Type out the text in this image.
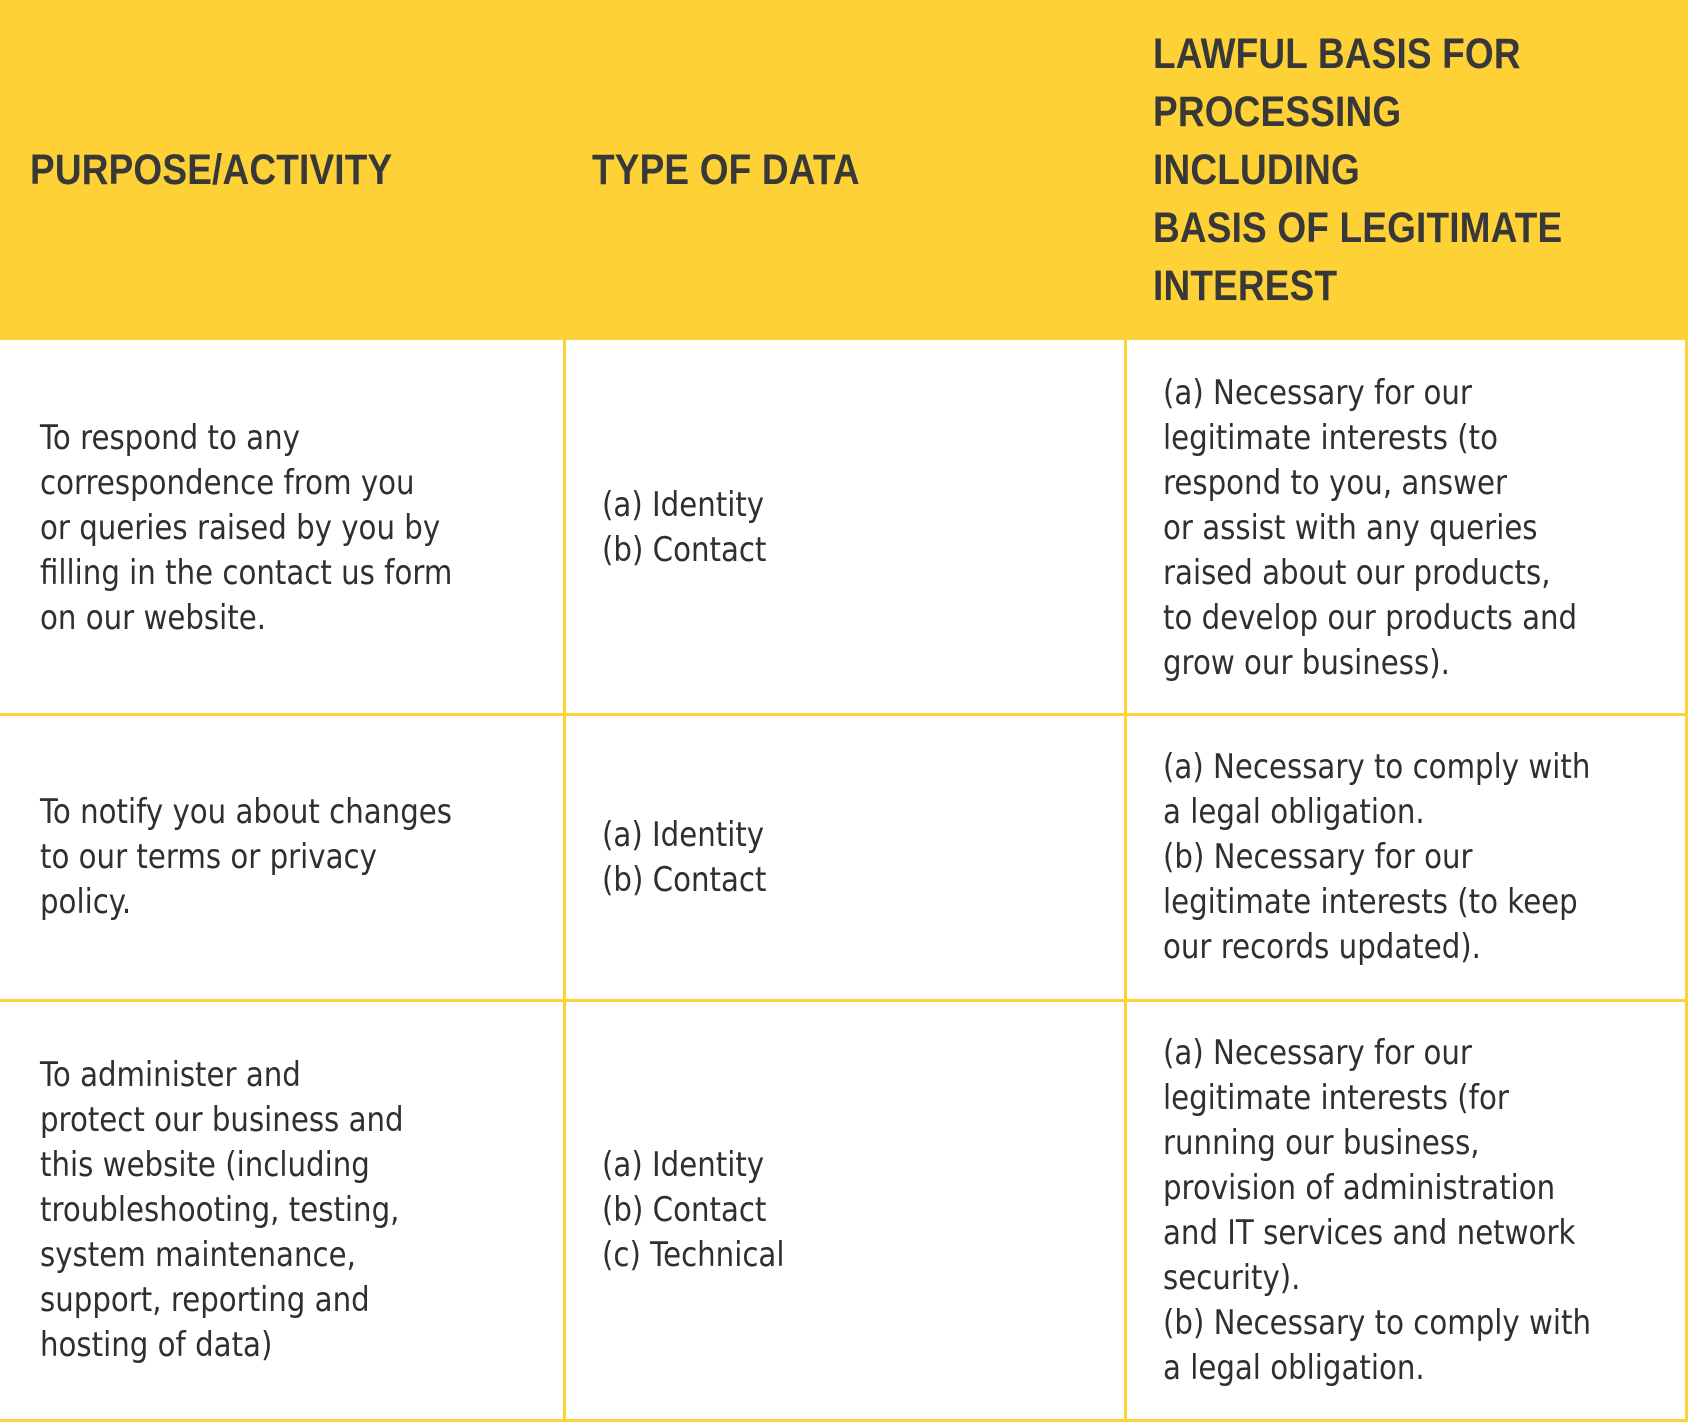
PURPOSE/ACTIVITY	TYPE OF DATA
LAWFUL BASIS FOR
PROCESSING INCLUDING
BASIS OF LEGITIMATE
INTEREST
To respond to any
correspondence from you
or queries raised by you by
filling in the contact us form
on our website.
(a) Identity
(b) Contact
(a) Necessary for our
legitimate interests (to
respond to you, answer
or assist with any queries
raised about our products,
to develop our products and
grow our business).
To notify you about changes
to our terms or privacy
policy.
(a) Identity
(b) Contact
(a) Necessary to comply with
a legal obligation.
(b) Necessary for our
legitimate interests (to keep
our records updated).
To administer and
protect our business and
this website (including
troubleshooting, testing,
system maintenance,
support, reporting and
hosting of data)
(a) Identity
(b) Contact
(c) Technical
(a) Necessary for our
legitimate interests (for
running our business,
provision of administration
and IT services and network
security).
(b) Necessary to comply with
a legal obligation.
